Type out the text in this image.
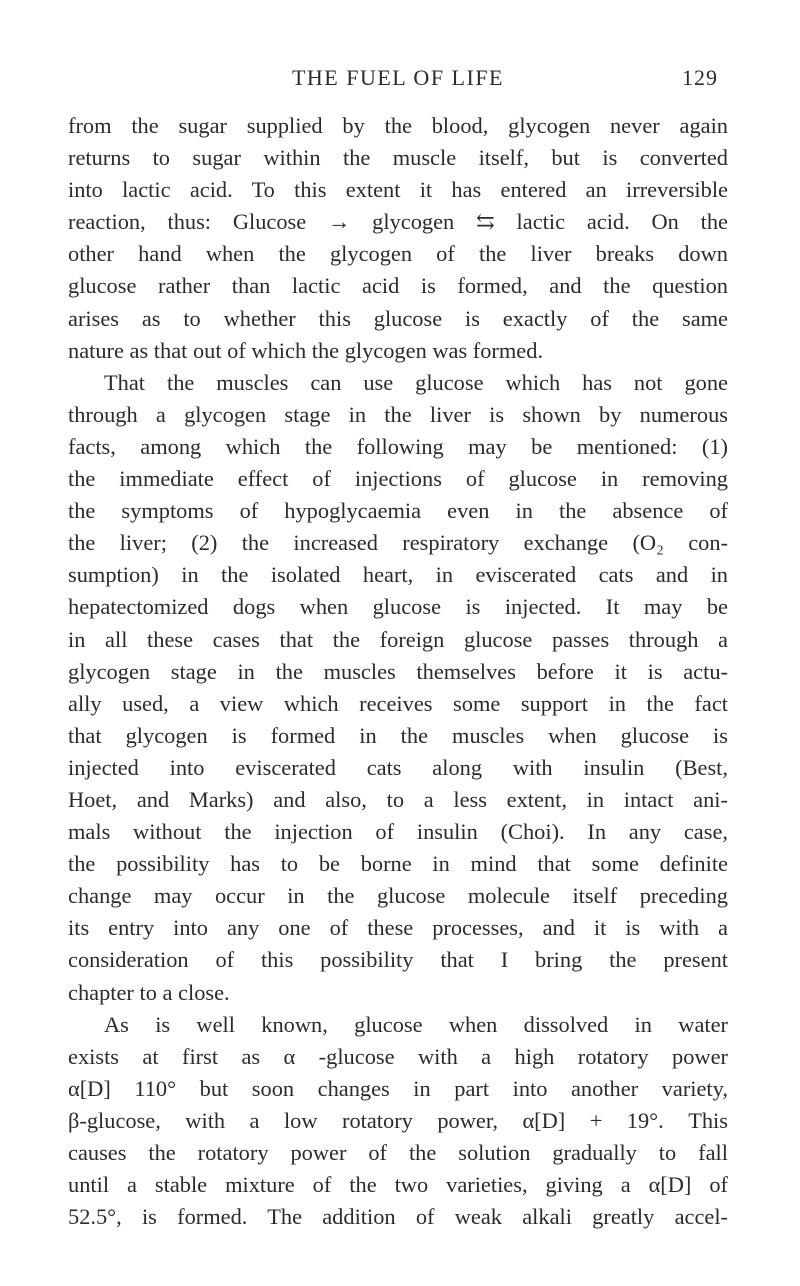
THE FUEL OF LIFE	129
from the sugar supplied by the blood, glycogen never again
returns to sugar within the muscle itself, but is converted
into lactic acid. To this extent it has entered an irreversible
reaction, thus: Glucose → glycogen ⇆ lactic acid. On the
other hand when the glycogen of the liver breaks down
glucose rather than lactic acid is formed, and the question
arises as to whether this glucose is exactly of the same
nature as that out of which the glycogen was formed.
That the muscles can use glucose which has not gone
through a glycogen stage in the liver is shown by numerous
facts, among which the following may be mentioned: (1)
the immediate effect of injections of glucose in removing
the symptoms of hypoglycaemia even in the absence of
the liver; (2) the increased respiratory exchange (O₂ con-
sumption) in the isolated heart, in eviscerated cats and in
hepatectomized dogs when glucose is injected. It may be
in all these cases that the foreign glucose passes through a
glycogen stage in the muscles themselves before it is actu-
ally used, a view which receives some support in the fact
that glycogen is formed in the muscles when glucose is
injected into eviscerated cats along with insulin (Best,
Hoet, and Marks) and also, to a less extent, in intact ani-
mals without the injection of insulin (Choi). In any case,
the possibility has to be borne in mind that some definite
change may occur in the glucose molecule itself preceding
its entry into any one of these processes, and it is with a
consideration of this possibility that I bring the present
chapter to a close.
As is well known, glucose when dissolved in water
exists at first as α -glucose with a high rotatory power
α[D] 110° but soon changes in part into another variety,
β-glucose, with a low rotatory power, α[D] + 19°. This
causes the rotatory power of the solution gradually to fall
until a stable mixture of the two varieties, giving a α[D] of
52.5°, is formed. The addition of weak alkali greatly accel-
